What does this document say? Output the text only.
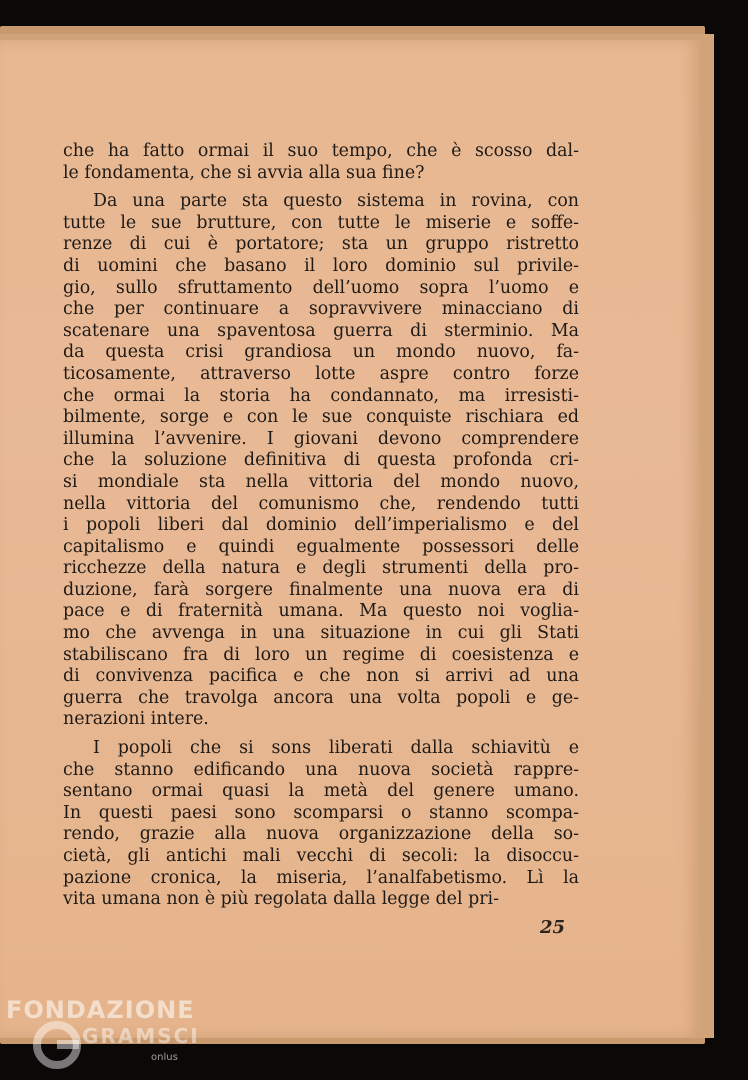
che ha fatto ormai il suo tempo, che è scosso dal-
le fondamenta, che si avvia alla sua fine?
Da una parte sta questo sistema in rovina, con
tutte le sue brutture, con tutte le miserie e soffe-
renze di cui è portatore; sta un gruppo ristretto
di uomini che basano il loro dominio sul privile-
gio, sullo sfruttamento dell’uomo sopra l’uomo e
che per continuare a sopravvivere minacciano di
scatenare una spaventosa guerra di sterminio. Ma
da questa crisi grandiosa un mondo nuovo, fa-
ticosamente, attraverso lotte aspre contro forze
che ormai la storia ha condannato, ma irresisti-
bilmente, sorge e con le sue conquiste rischiara ed
illumina l’avvenire. I giovani devono comprendere
che la soluzione definitiva di questa profonda cri-
si mondiale sta nella vittoria del mondo nuovo,
nella vittoria del comunismo che, rendendo tutti
i popoli liberi dal dominio dell’imperialismo e del
capitalismo e quindi egualmente possessori delle
ricchezze della natura e degli strumenti della pro-
duzione, farà sorgere finalmente una nuova era di
pace e di fraternità umana. Ma questo noi voglia-
mo che avvenga in una situazione in cui gli Stati
stabiliscano fra di loro un regime di coesistenza e
di convivenza pacifica e che non si arrivi ad una
guerra che travolga ancora una volta popoli e ge-
nerazioni intere.
I popoli che si sons liberati dalla schiavitù e
che stanno edificando una nuova società rappre-
sentano ormai quasi la metà del genere umano.
In questi paesi sono scomparsi o stanno scompa-
rendo, grazie alla nuova organizzazione della so-
cietà, gli antichi mali vecchi di secoli: la disoccu-
pazione cronica, la miseria, l’analfabetismo. Lì la
vita umana non è più regolata dalla legge del pri-
25
FONDAZIONE
GRAMSCI
onlus
